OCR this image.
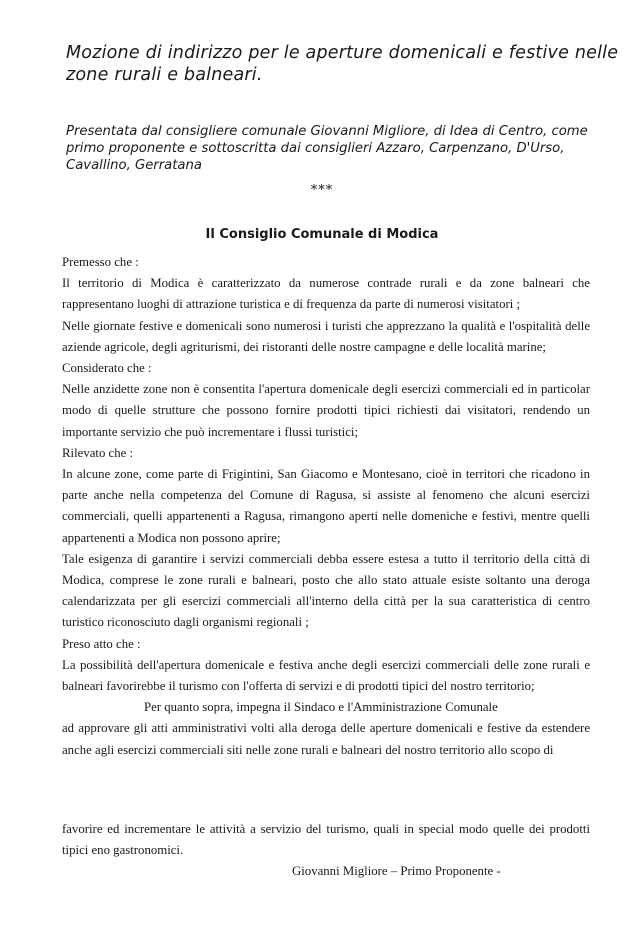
Mozione di indirizzo per le aperture domenicali e festive nelle zone rurali e balneari.

Presentata dal consigliere comunale Giovanni Migliore, di Idea di Centro, come primo proponente e sottoscritta dai consiglieri Azzaro, Carpenzano, D'Urso, Cavallino, Gerratana

***
Il Consiglio Comunale di Modica

Premesso che :

Il territorio di Modica è caratterizzato da numerose contrade rurali e da zone balneari che rappresentano luoghi di attrazione turistica e di frequenza da parte di numerosi visitatori ;

Nelle giornate festive e domenicali sono numerosi i turisti che apprezzano la qualità e l'ospitalità delle aziende agricole, degli agriturismi, dei ristoranti delle nostre campagne e delle località marine;

Considerato che :

Nelle anzidette zone non è consentita l'apertura domenicale degli esercizi commerciali ed in particolar modo di quelle strutture che possono fornire prodotti tipici richiesti dai visitatori, rendendo un importante servizio che può incrementare i flussi turistici;

Rilevato che :

In alcune zone, come parte di Frigintini, San Giacomo e Montesano, cioè in territori che ricadono in parte anche nella competenza del Comune di Ragusa, si assiste al fenomeno che alcuni esercizi commerciali, quelli appartenenti a Ragusa, rimangono aperti nelle domeniche e festivi, mentre quelli appartenenti a Modica non possono aprire;

Tale esigenza di garantire i servizi commerciali debba essere estesa a tutto il territorio della città di Modica, comprese le zone rurali e balneari, posto che allo stato attuale esiste soltanto una deroga calendarizzata per gli esercizi commerciali all'interno della città per la sua caratteristica di centro turistico riconosciuto dagli organismi regionali ;

Preso atto che :

La possibilità dell'apertura domenicale e festiva anche degli esercizi commerciali delle zone rurali e balneari favorirebbe il turismo con l'offerta di servizi e di prodotti tipici del nostro territorio;

Per quanto sopra, impegna il Sindaco e l'Amministrazione Comunale

ad approvare gli atti amministrativi volti alla deroga delle aperture domenicali e festive da estendere anche agli esercizi commerciali siti nelle zone rurali e balneari del nostro territorio allo scopo di

favorire ed incrementare le attività a servizio del turismo, quali in special modo quelle dei prodotti tipici eno gastronomici.

Giovanni Migliore – Primo Proponente -
